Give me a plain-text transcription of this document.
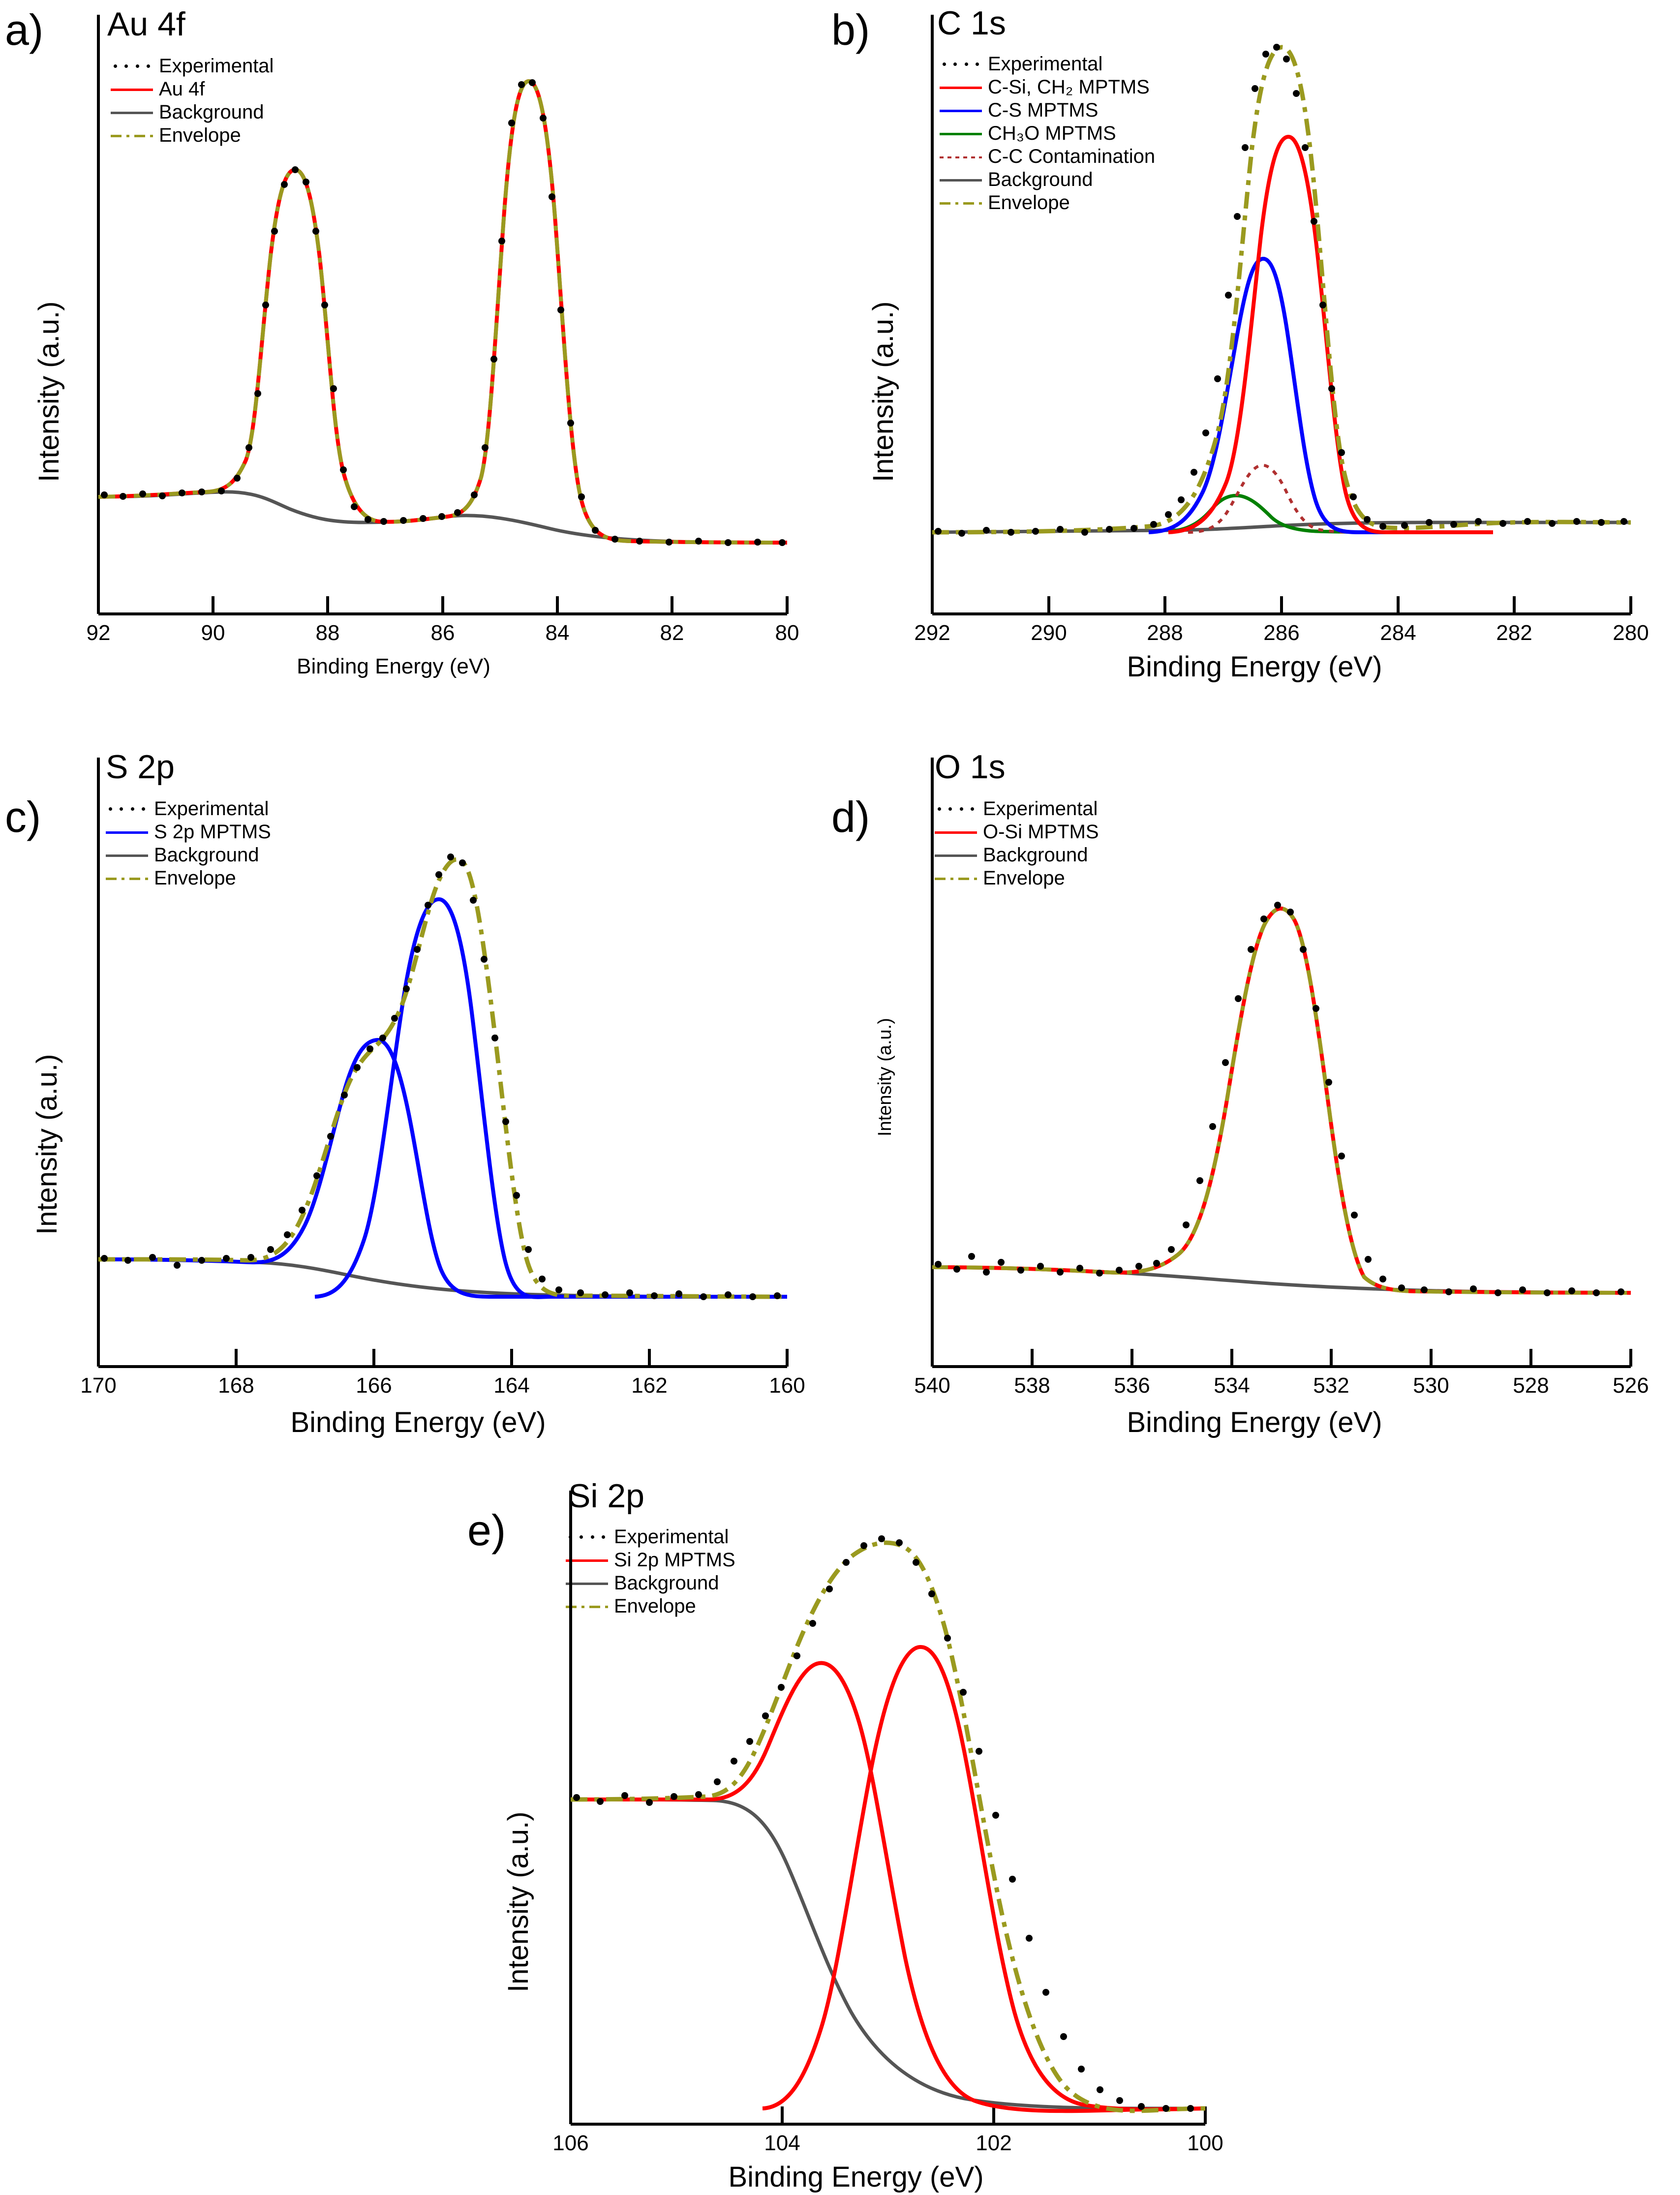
a) Au 4f
Experimental
Au 4f
Background
Envelope
Intensity (a.u.)
92	90	88	86	84	82	80
Binding Energy (eV)
b) C 1s
Experimental
C-Si, CH₂ MPTMS
C-S MPTMS
CH₃O MPTMS
C-C Contamination
Background
Envelope
Intensity (a.u.)
292	290	288	286	284	282	280
Binding Energy (eV)
c)
S 2p
Experimental
S 2p MPTMS
Background
Envelope
Intensity (a.u.)
170	168	166	164	162	160
Binding Energy (eV)
d)
O 1s
Experimental
O-Si MPTMS
Background
Envelope
Intensity (a.u.)
540	538	536	534	532	530	528	526
Binding Energy (eV)
e)
Si 2p
Experimental
Si 2p MPTMS
Background
Envelope
Intensity (a.u.)
106	104	102	100
Binding Energy (eV)
